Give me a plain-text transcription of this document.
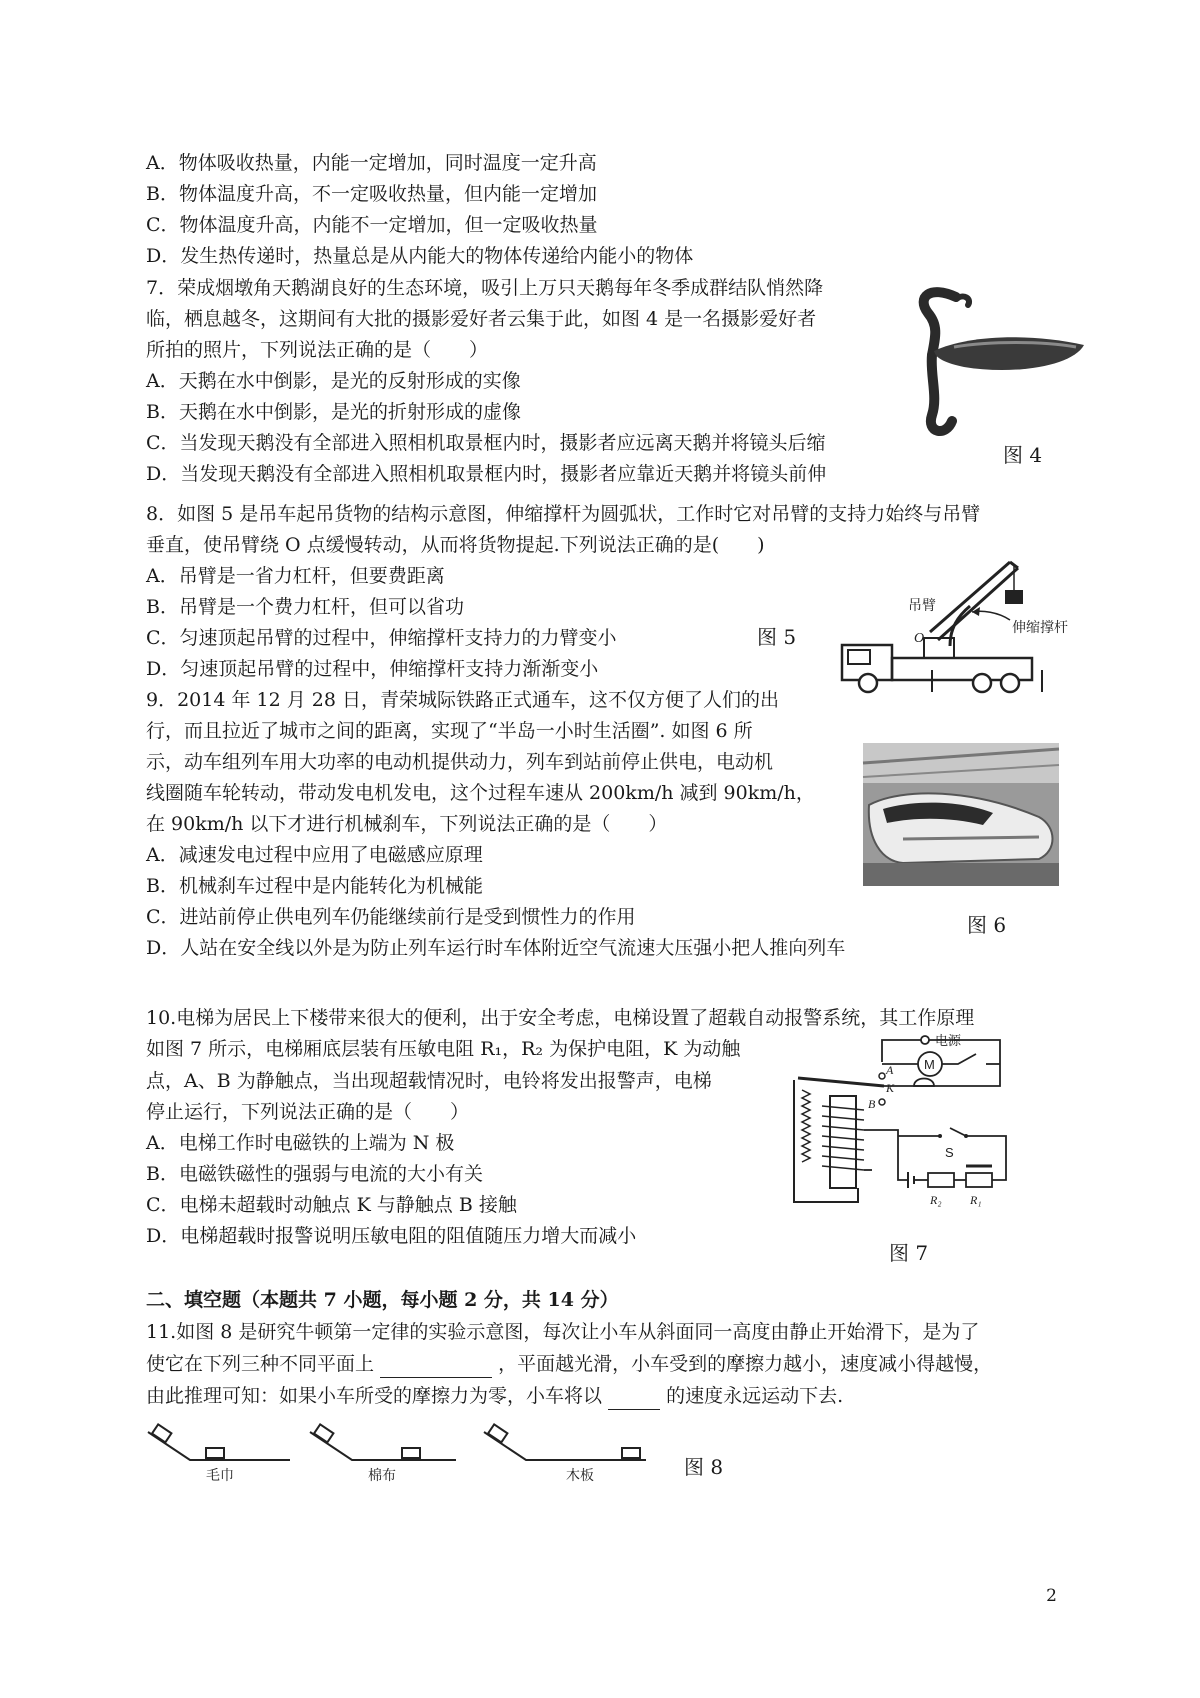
A．物体吸收热量，内能一定增加，同时温度一定升高
B．物体温度升高，不一定吸收热量，但内能一定增加
C．物体温度升高，内能不一定增加，但一定吸收热量
D．发生热传递时，热量总是从内能大的物体传递给内能小的物体
7．荣成烟墩角天鹅湖良好的生态环境，吸引上万只天鹅每年冬季成群结队悄然降
临，栖息越冬，这期间有大批的摄影爱好者云集于此，如图 4 是一名摄影爱好者
所拍的照片，下列说法正确的是（　　）
A．天鹅在水中倒影，是光的反射形成的实像
B．天鹅在水中倒影，是光的折射形成的虚像
C．当发现天鹅没有全部进入照相机取景框内时，摄影者应远离天鹅并将镜头后缩
D．当发现天鹅没有全部进入照相机取景框内时，摄影者应靠近天鹅并将镜头前伸
图 4
8．如图 5 是吊车起吊货物的结构示意图，伸缩撑杆为圆弧状，工作时它对吊臂的支持力始终与吊臂
垂直，使吊臂绕 O 点缓慢转动，从而将货物提起.下列说法正确的是(　　)
A．吊臂是一省力杠杆，但要费距离
B．吊臂是一个费力杠杆，但可以省功
C．匀速顶起吊臂的过程中，伸缩撑杆支持力的力臂变小
D．匀速顶起吊臂的过程中，伸缩撑杆支持力渐渐变小
图 5
吊臂
O
伸缩撑杆
9．2014 年 12 月 28 日，青荣城际铁路正式通车，这不仅方便了人们的出
行，而且拉近了城市之间的距离，实现了“半岛一小时生活圈”. 如图 6 所
示，动车组列车用大功率的电动机提供动力，列车到站前停止供电，电动机
线圈随车轮转动，带动发电机发电，这个过程车速从 200km/h 减到 90km/h，
在 90km/h 以下才进行机械刹车，下列说法正确的是（　　）
A．减速发电过程中应用了电磁感应原理
B．机械刹车过程中是内能转化为机械能
C．进站前停止供电列车仍能继续前行是受到惯性力的作用
D．人站在安全线以外是为防止列车运行时车体附近空气流速大压强小把人推向列车
图 6
10.电梯为居民上下楼带来很大的便利，出于安全考虑，电梯设置了超载自动报警系统，其工作原理
如图 7 所示，电梯厢底层装有压敏电阻 R₁，R₂ 为保护电阻，K 为动触
点，A、B 为静触点，当出现超载情况时，电铃将发出报警声，电梯
停止运行，下列说法正确的是（　　）
A．电梯工作时电磁铁的上端为 N 极
B．电磁铁磁性的强弱与电流的大小有关
C．电梯未超载时动触点 K 与静触点 B 接触
D．电梯超载时报警说明压敏电阻的阻值随压力增大而减小
电源
M
A
K
B
S
R₂ R₁
图 7
二、填空题（本题共 7 小题，每小题 2 分，共 14 分）
11.如图 8 是研究牛顿第一定律的实验示意图，每次让小车从斜面同一高度由静止开始滑下，是为了
使它在下列三种不同平面上	，平面越光滑，小车受到的摩擦力越小，速度减小得越慢，
由此推理可知：如果小车所受的摩擦力为零，小车将以	的速度永远运动下去.
毛巾	棉布	木板	图 8
2
